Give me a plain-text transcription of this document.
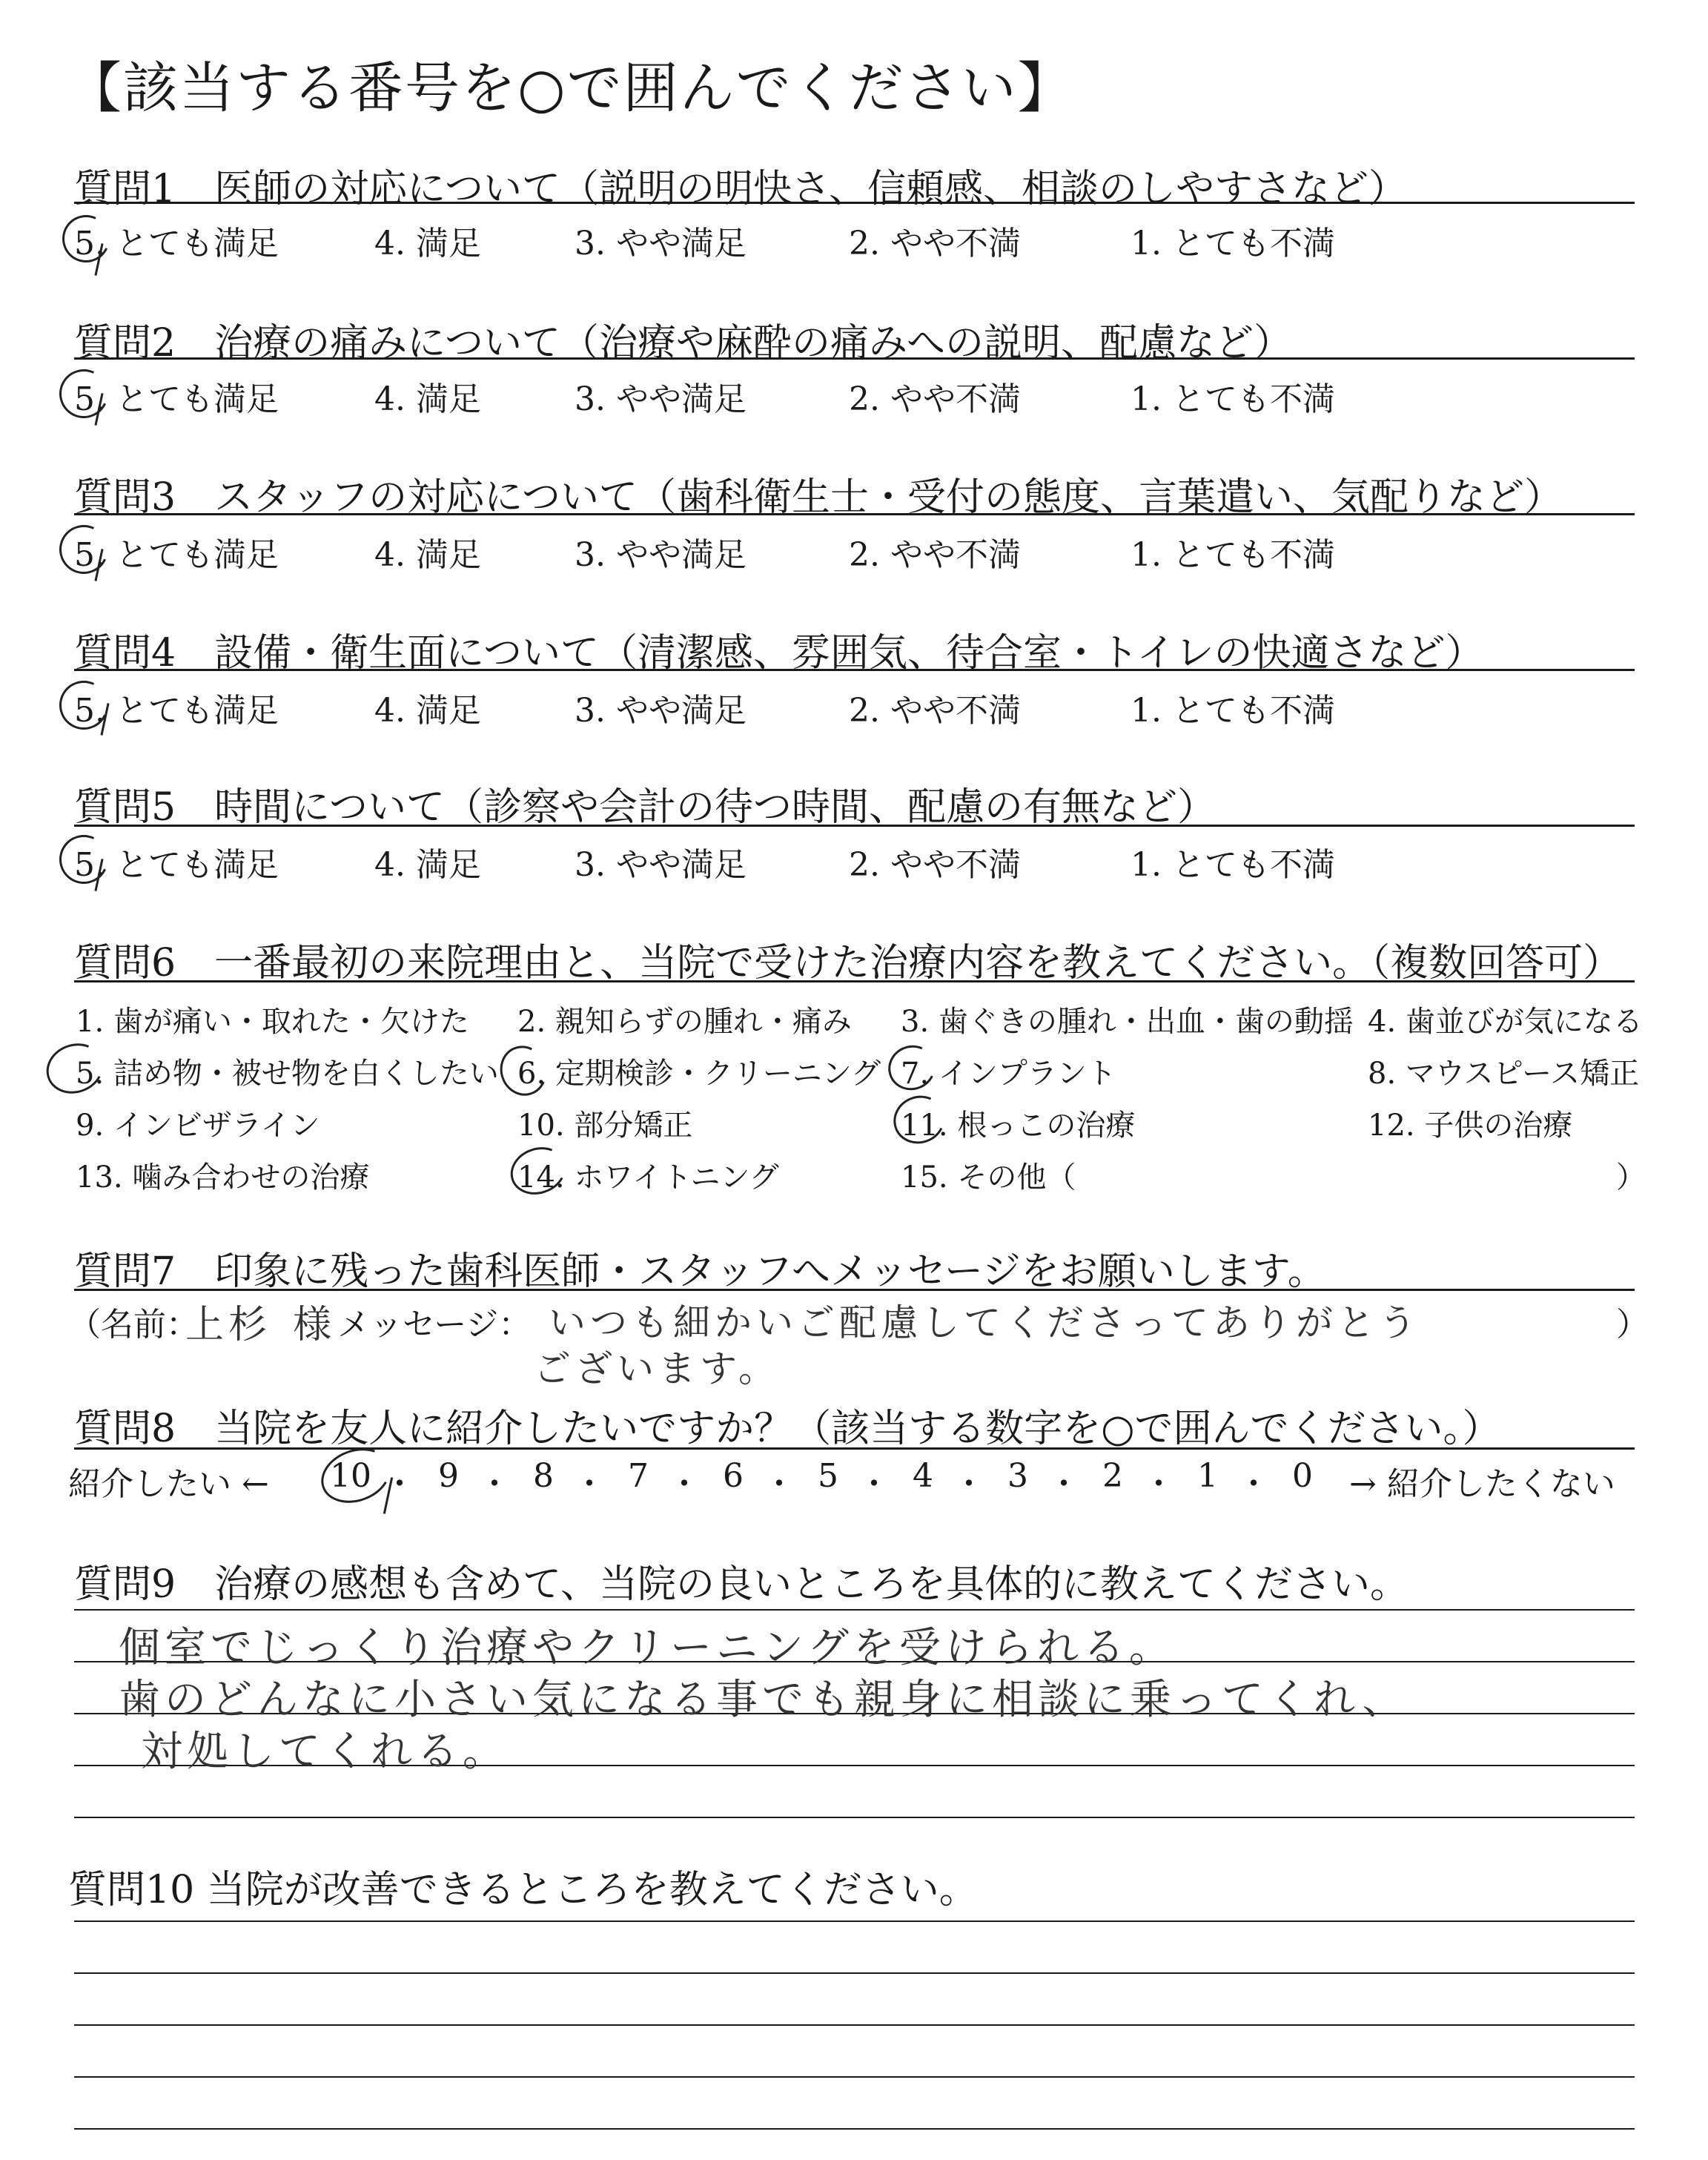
【該当する番号を○で囲んでください】
質問1　医師の対応について（説明の明快さ、信頼感、相談のしやすさなど）
5. とても満足	4. 満足	3. やや満足	2. やや不満	1. とても不満
質問2　治療の痛みについて（治療や麻酔の痛みへの説明、配慮など）
5. とても満足	4. 満足	3. やや満足	2. やや不満	1. とても不満
質問3　スタッフの対応について（歯科衛生士・受付の態度、言葉遣い、気配りなど）
5. とても満足	4. 満足	3. やや満足	2. やや不満	1. とても不満
質問4　設備・衛生面について（清潔感、雰囲気、待合室・トイレの快適さなど）
5. とても満足	4. 満足	3. やや満足	2. やや不満	1. とても不満
質問5　時間について（診察や会計の待つ時間、配慮の有無など）
5. とても満足	4. 満足	3. やや満足	2. やや不満	1. とても不満
質問6　一番最初の来院理由と、当院で受けた治療内容を教えてください。（複数回答可）
1. 歯が痛い・取れた・欠けた 2. 親知らずの腫れ・痛み 3. 歯ぐきの腫れ・出血・歯の動揺 4. 歯並びが気になる
5. 詰め物・被せ物を白くしたい 6. 定期検診・クリーニング 7. インプラント	8. マウスピース矯正
9. インビザライン	10. 部分矯正	11. 根っこの治療	12. 子供の治療
13. 噛み合わせの治療	14. ホワイトニング	15. その他（	）
質問7　印象に残った歯科医師・スタッフへメッセージをお願いします。
（名前：
上杉 様 メッセージ： いつも細かいご配慮してくださってありがとう
ございます。
）
質問8　当院を友人に紹介したいですか？（該当する数字を○で囲んでください。）
紹介したい ←	→ 紹介したくない
10 ・ 9 ・ 8 ・ 7 ・ 6 ・ 5 ・ 4 ・ 3 ・ 2 ・ 1 ・ 0
質問9　治療の感想も含めて、当院の良いところを具体的に教えてください。
個室でじっくり治療やクリーニングを受けられる。
歯のどんなに小さい気になる事でも親身に相談に乗ってくれ、
対処してくれる。
質問10 当院が改善できるところを教えてください。
